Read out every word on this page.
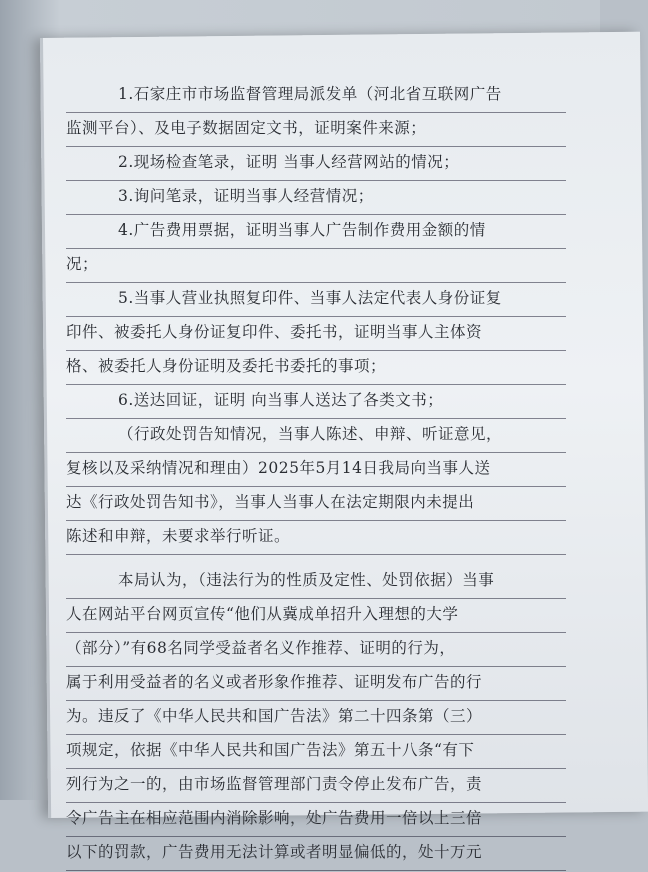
1.石家庄市市场监督管理局派发单（河北省互联网广告
监测平台）、及电子数据固定文书，证明案件来源；
2.现场检查笔录，证明 当事人经营网站的情况；
3.询问笔录，证明当事人经营情况；
4.广告费用票据，证明当事人广告制作费用金额的情
况；
5.当事人营业执照复印件、当事人法定代表人身份证复
印件、被委托人身份证复印件、委托书，证明当事人主体资
格、被委托人身份证明及委托书委托的事项；
6.送达回证，证明 向当事人送达了各类文书；
（行政处罚告知情况，当事人陈述、申辩、听证意见，
复核以及采纳情况和理由）2025年5月14日我局向当事人送
达《行政处罚告知书》，当事人当事人在法定期限内未提出
陈述和申辩，未要求举行听证。
本局认为，（违法行为的性质及定性、处罚依据）当事
人在网站平台网页宣传“他们从冀成单招升入理想的大学
（部分）”有68名同学受益者名义作推荐、证明的行为，
属于利用受益者的名义或者形象作推荐、证明发布广告的行
为。违反了《中华人民共和国广告法》第二十四条第（三）
项规定，依据《中华人民共和国广告法》第五十八条“有下
列行为之一的，由市场监督管理部门责令停止发布广告，责
令广告主在相应范围内消除影响，处广告费用一倍以上三倍
以下的罚款，广告费用无法计算或者明显偏低的，处十万元
